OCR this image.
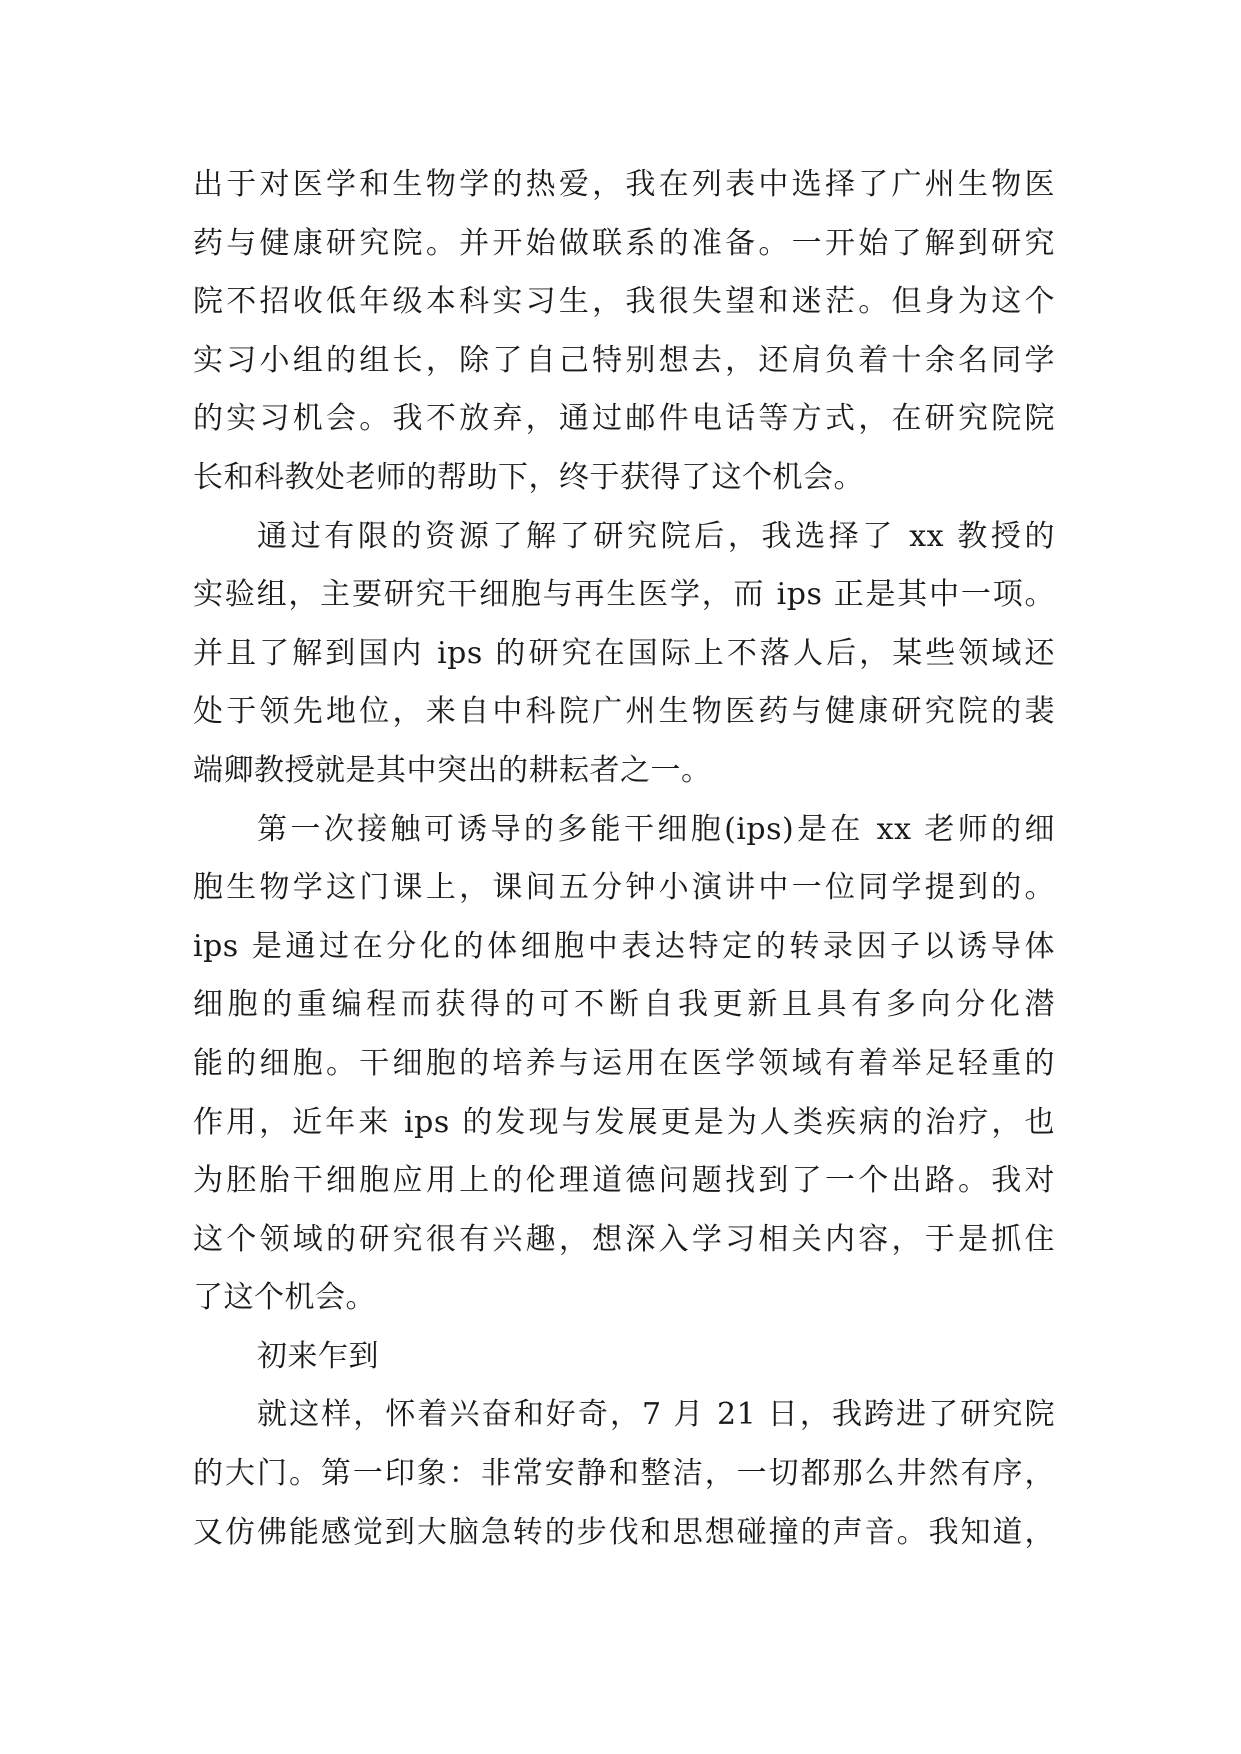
出于对医学和生物学的热爱，我在列表中选择了广州生物医
药与健康研究院。并开始做联系的准备。一开始了解到研究
院不招收低年级本科实习生，我很失望和迷茫。但身为这个
实习小组的组长，除了自己特别想去，还肩负着十余名同学
的实习机会。我不放弃，通过邮件电话等方式，在研究院院
长和科教处老师的帮助下，终于获得了这个机会。
通过有限的资源了解了研究院后，我选择了 xx 教授的
实验组，主要研究干细胞与再生医学，而 ips 正是其中一项。
并且了解到国内 ips 的研究在国际上不落人后，某些领域还
处于领先地位，来自中科院广州生物医药与健康研究院的裴
端卿教授就是其中突出的耕耘者之一。
第一次接触可诱导的多能干细胞(ips)是在 xx 老师的细
胞生物学这门课上，课间五分钟小演讲中一位同学提到的。
ips 是通过在分化的体细胞中表达特定的转录因子以诱导体
细胞的重编程而获得的可不断自我更新且具有多向分化潜
能的细胞。干细胞的培养与运用在医学领域有着举足轻重的
作用，近年来 ips 的发现与发展更是为人类疾病的治疗，也
为胚胎干细胞应用上的伦理道德问题找到了一个出路。我对
这个领域的研究很有兴趣，想深入学习相关内容，于是抓住
了这个机会。
初来乍到
就这样，怀着兴奋和好奇，7 月 21 日，我跨进了研究院
的大门。第一印象：非常安静和整洁，一切都那么井然有序，
又仿佛能感觉到大脑急转的步伐和思想碰撞的声音。我知道，
